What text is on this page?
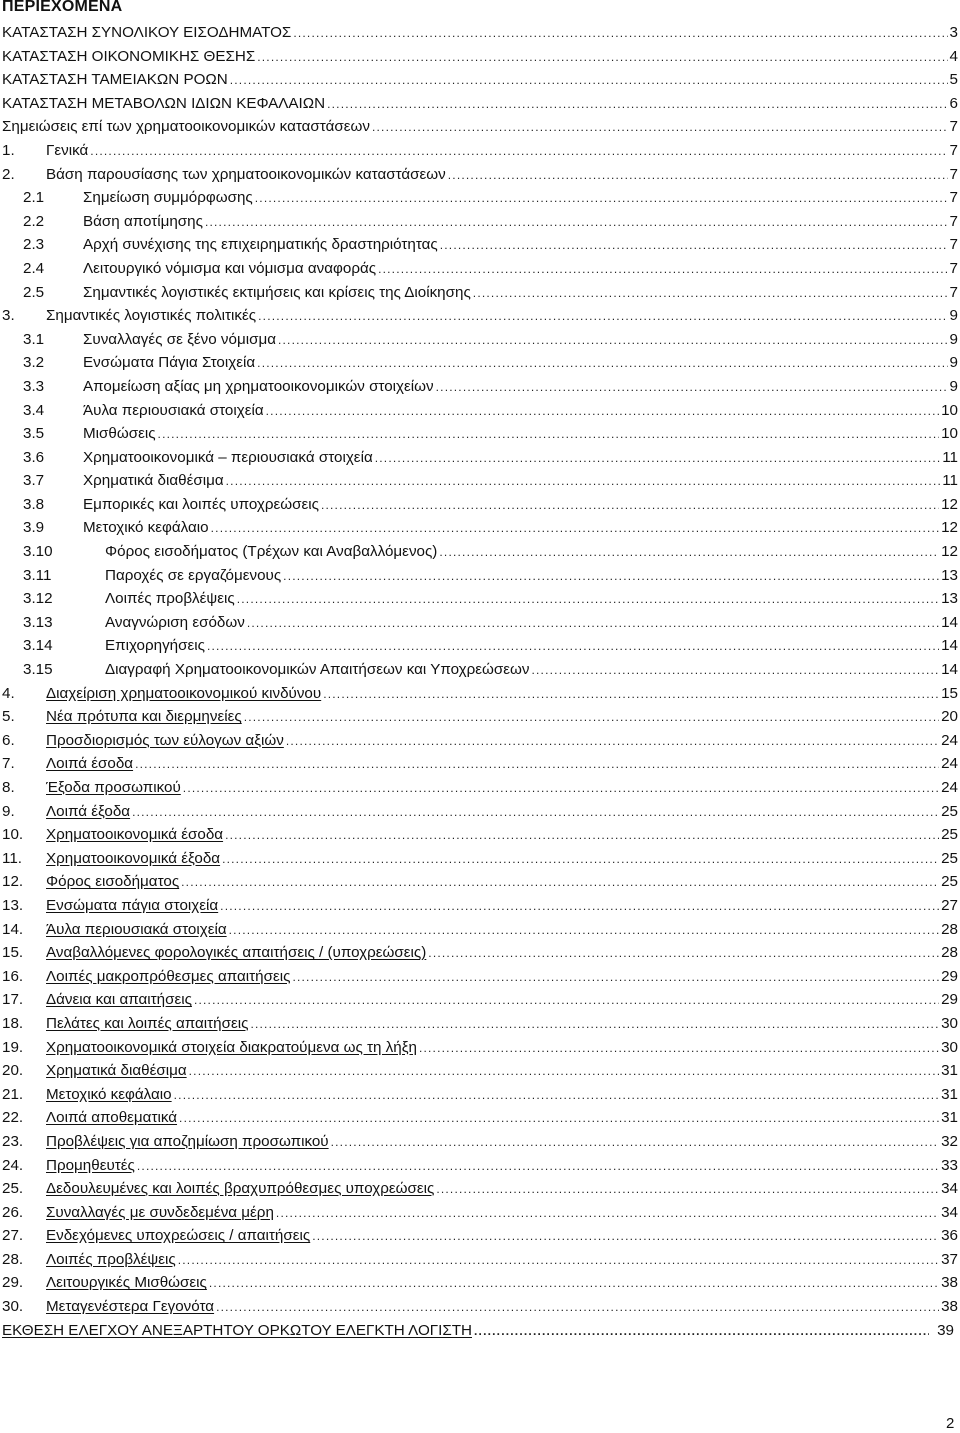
ΠΕΡΙΕΧΟΜΕΝΑ
ΚΑΤΑΣΤΑΣΗ ΣΥΝΟΛΙΚΟΥ ΕΙΣΟΔΗΜΑΤΟΣ .....	3
ΚΑΤΑΣΤΑΣΗ ΟΙΚΟΝΟΜΙΚΗΣ ΘΕΣΗΣ .....	4
ΚΑΤΑΣΤΑΣΗ ΤΑΜΕΙΑΚΩΝ ΡΟΩΝ .....	5
ΚΑΤΑΣΤΑΣΗ ΜΕΤΑΒΟΛΩΝ ΙΔΙΩΝ ΚΕΦΑΛΑΙΩΝ .....	6
Σημειώσεις επί των χρηματοοικονομικών καταστάσεων .....	7
1.	Γενικά .....	7
2.	Βάση παρουσίασης των χρηματοοικονομικών καταστάσεων .....	7
2.1	Σημείωση συμμόρφωσης .....	7
2.2	Βάση αποτίμησης .....	7
2.3	Αρχή συνέχισης της επιχειρηματικής δραστηριότητας .....	7
2.4	Λειτουργικό νόμισμα και νόμισμα αναφοράς .....	7
2.5	Σημαντικές λογιστικές εκτιμήσεις και κρίσεις της Διοίκησης .....	7
3.	Σημαντικές λογιστικές πολιτικές .....	9
3.1	Συναλλαγές σε ξένο νόμισμα .....	9
3.2	Ενσώματα Πάγια Στοιχεία .....	9
3.3	Απομείωση αξίας μη χρηματοοικονομικών στοιχείων .....	9
3.4	Άυλα περιουσιακά στοιχεία .....	10
3.5	Μισθώσεις .....	10
3.6	Χρηματοοικονομικά – περιουσιακά στοιχεία .....	11
3.7	Χρηματικά διαθέσιμα .....	11
3.8	Εμπορικές και λοιπές υποχρεώσεις .....	12
3.9	Μετοχικό κεφάλαιο .....	12
3.10	Φόρος εισοδήματος (Τρέχων και Αναβαλλόμενος) .....	12
3.11	Παροχές σε εργαζόμενους .....	13
3.12	Λοιπές προβλέψεις .....	13
3.13	Αναγνώριση εσόδων .....	14
3.14	Επιχορηγήσεις .....	14
3.15	Διαγραφή Χρηματοοικονομικών Απαιτήσεων και Υποχρεώσεων .....	14
4.	Διαχείριση χρηματοοικονομικού κινδύνου .....	15
5.	Νέα πρότυπα και διερμηνείες .....	20
6.	Προσδιορισμός των εύλογων αξιών .....	24
7.	Λοιπά έσοδα .....	24
8.	Έξοδα προσωπικού .....	24
9.	Λοιπά έξοδα .....	25
10.	Χρηματοοικονομικά έσοδα .....	25
11.	Χρηματοοικονομικά έξοδα .....	25
12.	Φόρος εισοδήματος .....	25
13.	Ενσώματα πάγια στοιχεία .....	27
14.	Άυλα περιουσιακά στοιχεία .....	28
15.	Αναβαλλόμενες φορολογικές απαιτήσεις / (υποχρεώσεις) .....	28
16.	Λοιπές μακροπρόθεσμες απαιτήσεις .....	29
17.	Δάνεια και απαιτήσεις .....	29
18.	Πελάτες και λοιπές απαιτήσεις .....	30
19.	Χρηματοοικονομικά στοιχεία διακρατούμενα ως τη λήξη .....	30
20.	Χρηματικά διαθέσιμα .....	31
21.	Μετοχικό κεφάλαιο .....	31
22.	Λοιπά αποθεματικά .....	31
23.	Προβλέψεις για αποζημίωση προσωπικού .....	32
24.	Προμηθευτές .....	33
25.	Δεδουλευμένες και λοιπές βραχυπρόθεσμες υποχρεώσεις .....	34
26.	Συναλλαγές με συνδεδεμένα μέρη .....	34
27.	Ενδεχόμενες υποχρεώσεις / απαιτήσεις .....	36
28.	Λοιπές προβλέψεις .....	37
29.	Λειτουργικές Μισθώσεις .....	38
30.	Μεταγενέστερα Γεγονότα .....	38
ΕΚΘΕΣΗ ΕΛΕΓΧΟΥ ΑΝΕΞΑΡΤΗΤΟΥ ΟΡΚΩΤΟΥ ΕΛΕΓΚΤΗ ΛΟΓΙΣΤΗ .....	39
2
